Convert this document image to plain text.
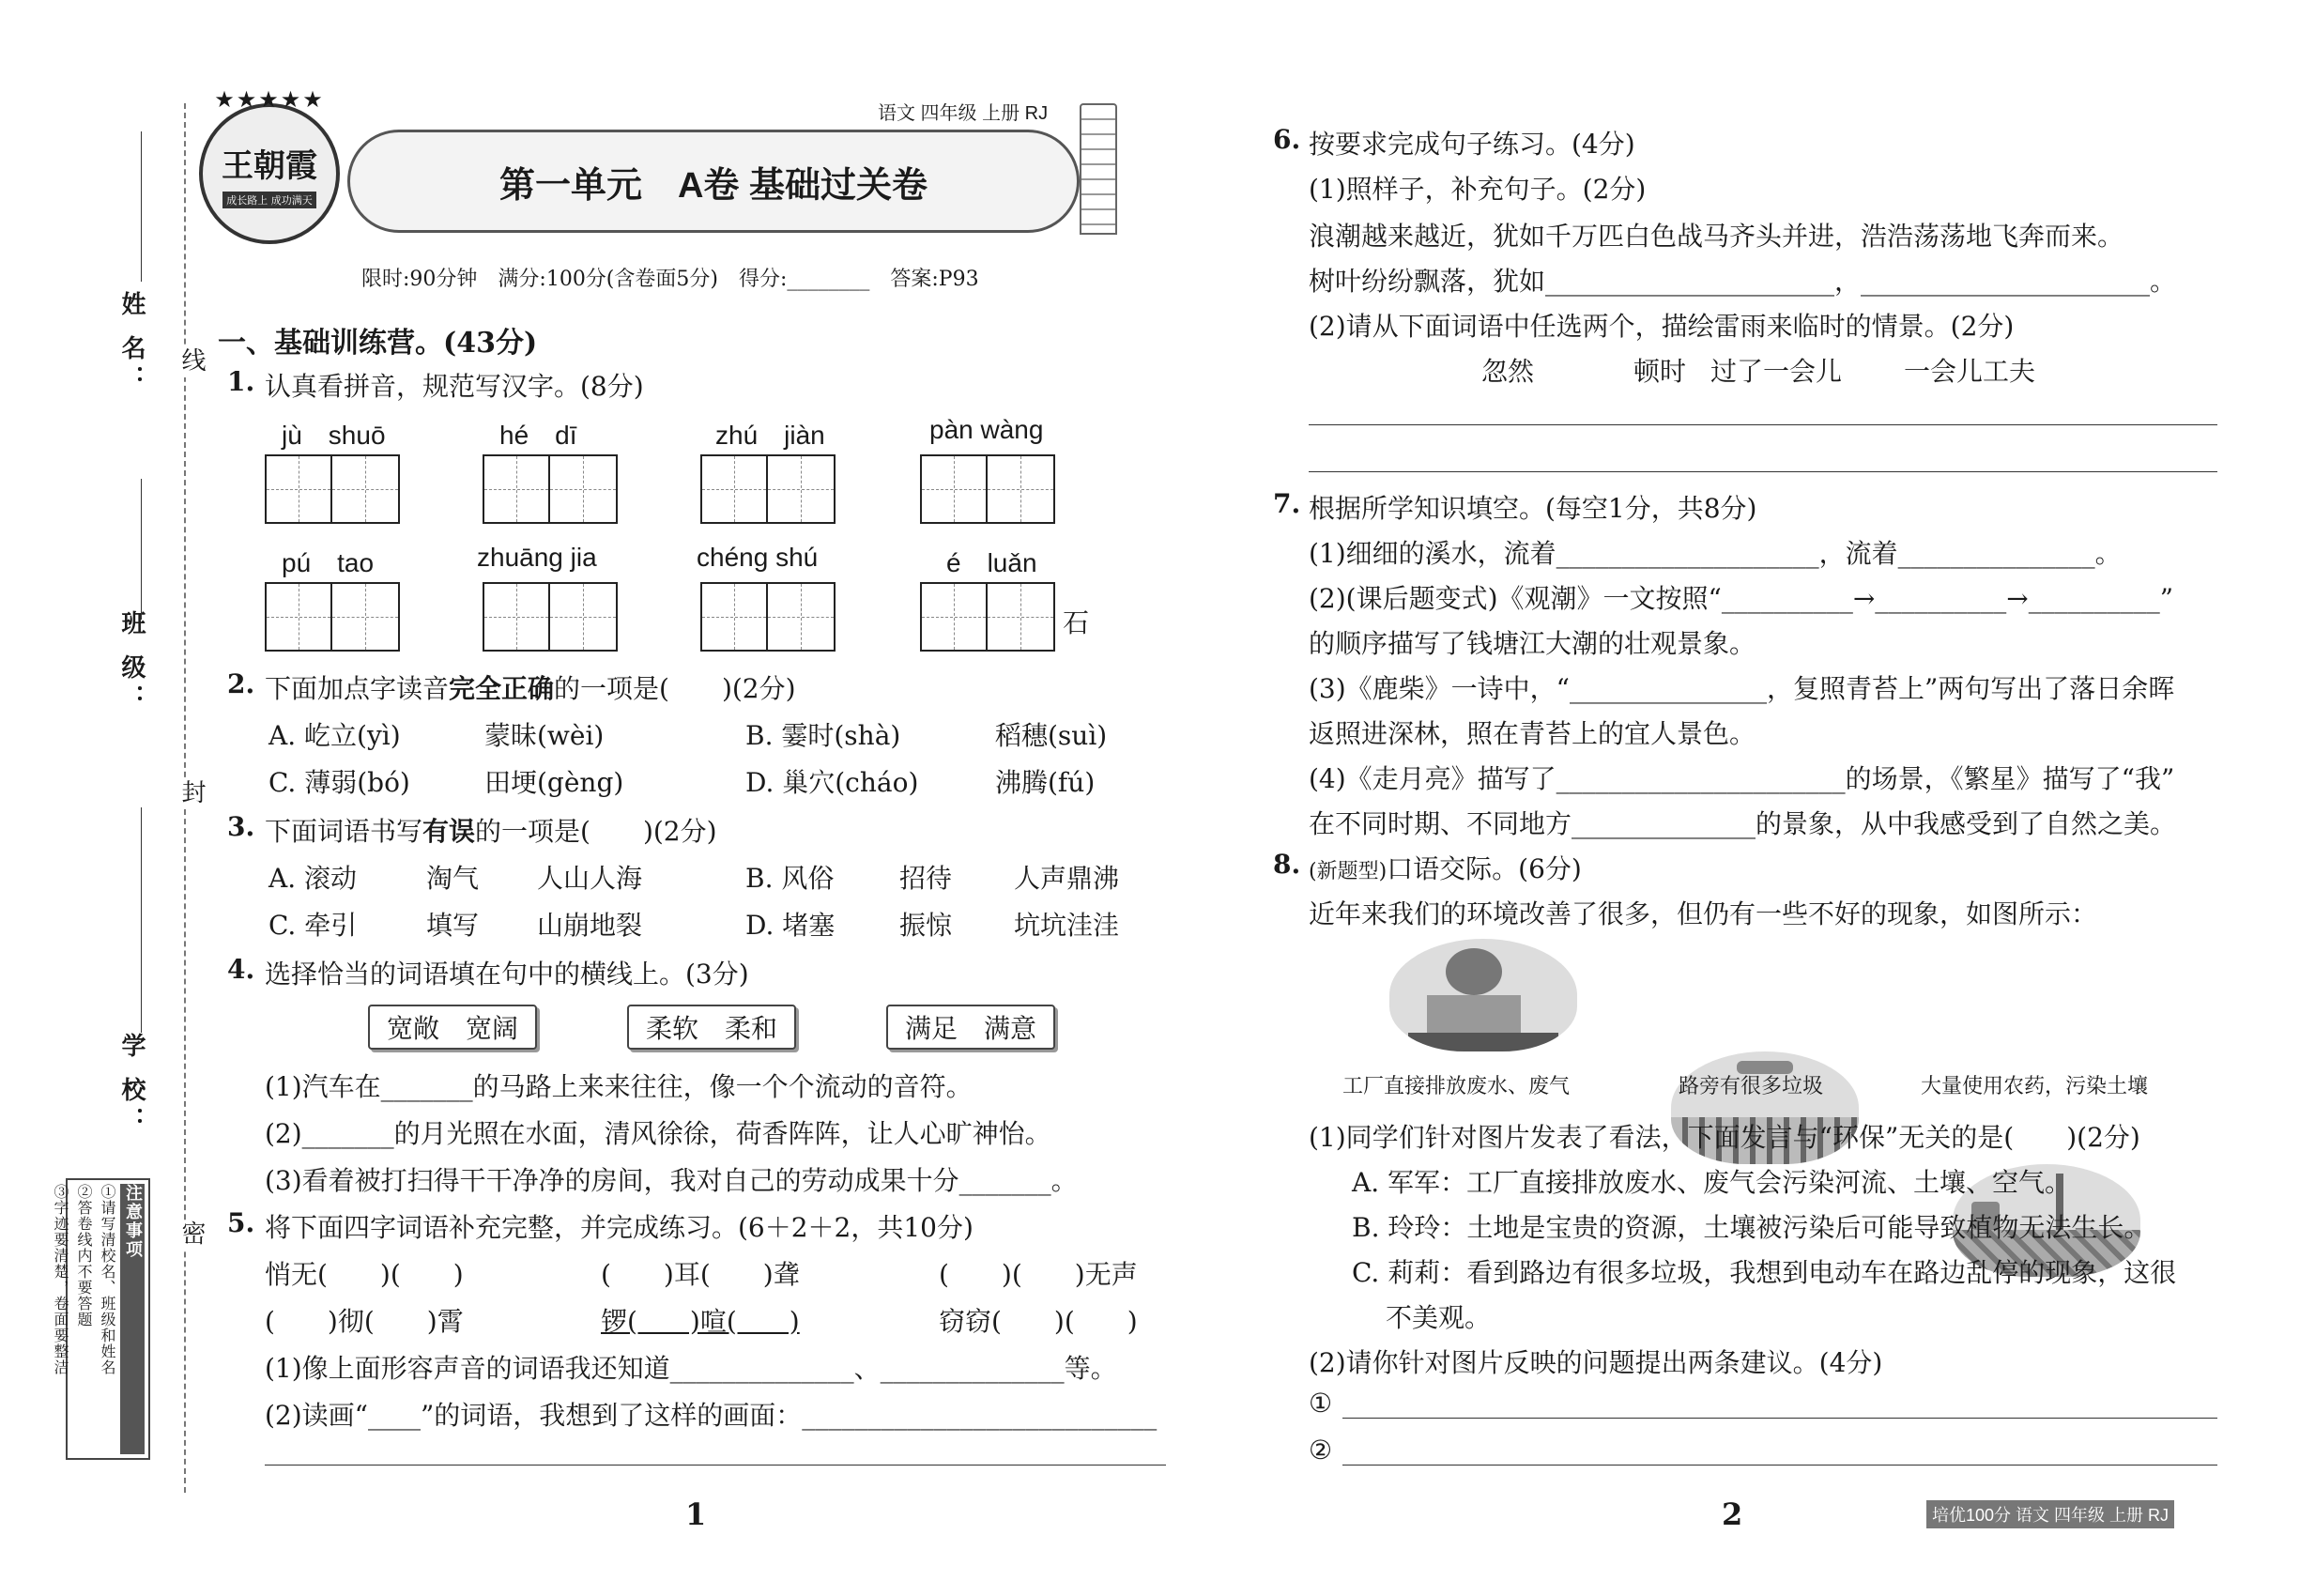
姓 名：
班 级：
学 校：
线
封
密
注意事项
①请写清校名、班级和姓名
②答卷线内不要答题
③字迹要清楚，卷面要整洁
★★★★★
王朝霞
成长路上 成功满天
语文 四年级 上册 RJ
第一单元　A卷 基础过关卷
限时:90分钟　满分:100分(含卷面5分)　得分:________　答案:P93
一、基础训练营。(43分)
1. 认真看拼音，规范写汉字。(8分)
jù　shuō	hé　dī	zhú　jiàn	pàn wàng
pú　tao	zhuāng jia	chéng shú	é　luǎn
石
2. 下面加点字读音完全正确的一项是(　　)(2分)
A. 屹立(yì)	蒙昧(wèi)	B. 霎时(shà)	稻穗(suì)
C. 薄弱(bó)	田埂(gèng)	D. 巢穴(cháo)	沸腾(fú)
3. 下面词语书写有误的一项是(　　)(2分)
A. 滚动	淘气 人山人海	B. 风俗 招待 人声鼎沸
C. 牵引	填写 山崩地裂	D. 堵塞 振惊 坑坑洼洼
4. 选择恰当的词语填在句中的横线上。(3分)
宽敞　宽阔	柔软　柔和	满足　满意
(1)汽车在_______的马路上来来往往，像一个个流动的音符。
(2)_______的月光照在水面，清风徐徐，荷香阵阵，让人心旷神怡。
(3)看着被打扫得干干净净的房间，我对自己的劳动成果十分_______。
5. 将下面四字词语补充完整，并完成练习。(6＋2＋2，共10分)
悄无(　　)(　　)	(　　)耳(　　)聋	(　　)(　　)无声
(　　)彻(　　)霄	锣(　　)喧(　　)	窃窃(　　)(　　)
(1)像上面形容声音的词语我还知道______________、______________等。
(2)读画“____”的词语，我想到了这样的画面：___________________________
1
6. 按要求完成句子练习。(4分)
(1)照样子，补充句子。(2分)
浪潮越来越近，犹如千万匹白色战马齐头并进，浩浩荡荡地飞奔而来。
树叶纷纷飘落，犹如______________________，______________________。
(2)请从下面词语中任选两个，描绘雷雨来临时的情景。(2分)
忽然	顿时 过了一会儿 一会儿工夫
7. 根据所学知识填空。(每空1分，共8分)
(1)细细的溪水，流着____________________，流着_______________。
(2)(课后题变式)《观潮》一文按照“__________→__________→__________”
的顺序描写了钱塘江大潮的壮观景象。
(3)《鹿柴》一诗中，“_______________，复照青苔上”两句写出了落日余晖
返照进深林，照在青苔上的宜人景色。
(4)《走月亮》描写了______________________的场景，《繁星》描写了“我”
在不同时期、不同地方______________的景象，从中我感受到了自然之美。
8. (新题型)口语交际。(6分)
近年来我们的环境改善了很多，但仍有一些不好的现象，如图所示：
工厂直接排放废水、废气	路旁有很多垃圾	大量使用农药，污染土壤
(1)同学们针对图片发表了看法，下面发言与“环保”无关的是(　　)(2分)
A. 军军：工厂直接排放废水、废气会污染河流、土壤、空气。
B. 玲玲：土地是宝贵的资源，土壤被污染后可能导致植物无法生长。
C. 莉莉：看到路边有很多垃圾，我想到电动车在路边乱停的现象，这很
不美观。
(2)请你针对图片反映的问题提出两条建议。(4分)
①
②
2	培优100分 语文 四年级 上册 RJ
